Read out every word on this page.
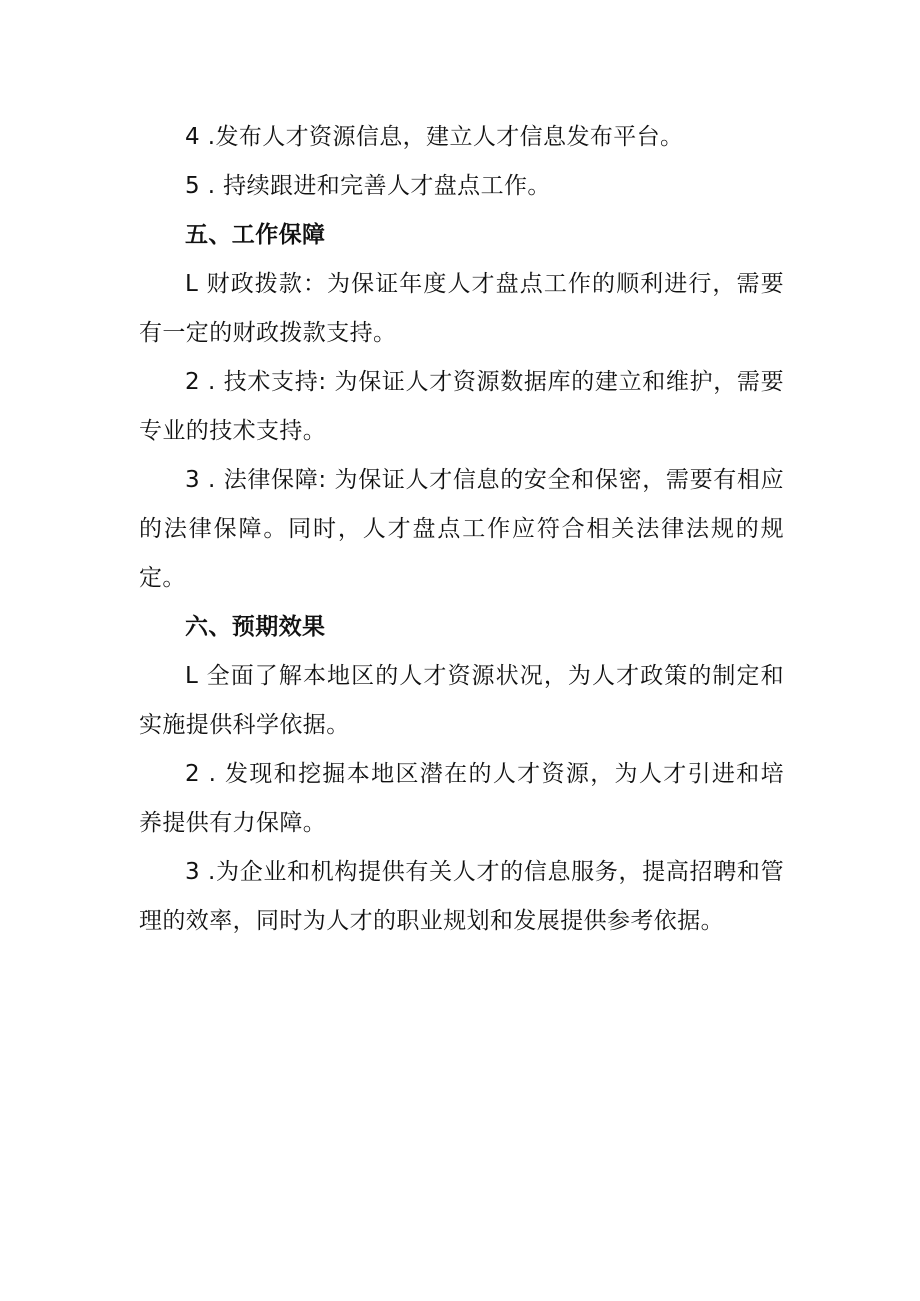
4 .发布人才资源信息，建立人才信息发布平台。

5 . 持续跟进和完善人才盘点工作。

五、工作保障

L 财政拨款：为保证年度人才盘点工作的顺利进行，需要有一定的财政拨款支持。

2 . 技术支持: 为保证人才资源数据库的建立和维护，需要专业的技术支持。

3 . 法律保障: 为保证人才信息的安全和保密，需要有相应的法律保障。同时，人才盘点工作应符合相关法律法规的规定。

六、预期效果

L 全面了解本地区的人才资源状况，为人才政策的制定和实施提供科学依据。

2 . 发现和挖掘本地区潜在的人才资源，为人才引进和培养提供有力保障。

3 .为企业和机构提供有关人才的信息服务，提高招聘和管理的效率，同时为人才的职业规划和发展提供参考依据。
